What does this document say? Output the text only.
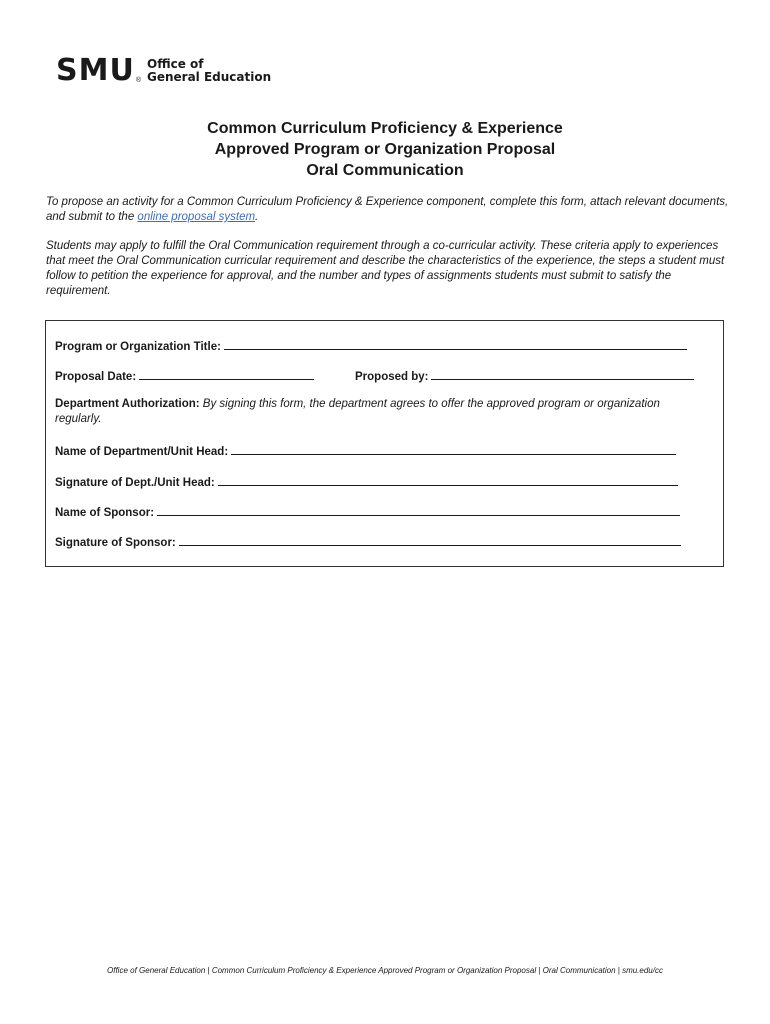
SMU ®
Office of
General Education
Common Curriculum Proficiency & Experience
Approved Program or Organization Proposal
Oral Communication
To propose an activity for a Common Curriculum Proficiency & Experience component, complete this form, attach relevant documents, and submit to the online proposal system.
Students may apply to fulfill the Oral Communication requirement through a co-curricular activity. These criteria apply to experiences that meet the Oral Communication curricular requirement and describe the characteristics of the experience, the steps a student must follow to petition the experience for approval, and the number and types of assignments students must submit to satisfy the requirement.
Program or Organization Title:
Proposal Date:	Proposed by:
Department Authorization: By signing this form, the department agrees to offer the approved program or organization regularly.
Name of Department/Unit Head:
Signature of Dept./Unit Head:
Name of Sponsor:
Signature of Sponsor:
Office of General Education | Common Curriculum Proficiency & Experience Approved Program or Organization Proposal | Oral Communication | smu.edu/cc
